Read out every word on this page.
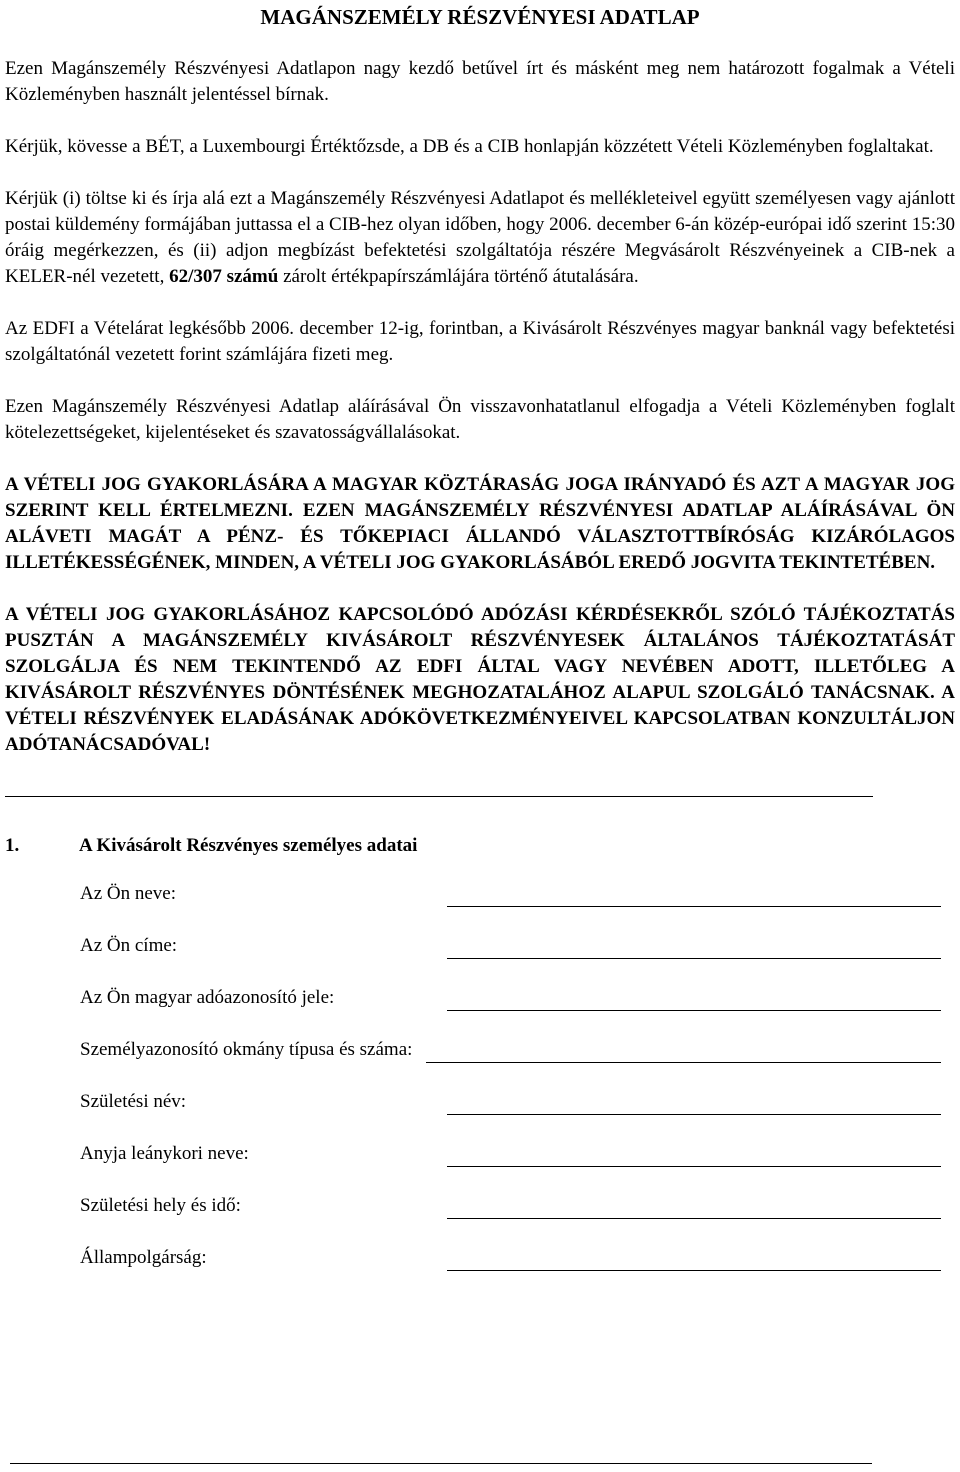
MAGÁNSZEMÉLY RÉSZVÉNYESI ADATLAP

Ezen Magánszemély Részvényesi Adatlapon nagy kezdő betűvel írt és másként meg nem határozott fogalmak a Vételi Közleményben használt jelentéssel bírnak.

Kérjük, kövesse a BÉT, a Luxembourgi Értéktőzsde, a DB és a CIB honlapján közzétett Vételi Közleményben foglaltakat.

Kérjük (i) töltse ki és írja alá ezt a Magánszemély Részvényesi Adatlapot és mellékleteivel együtt személyesen vagy ajánlott postai küldemény formájában juttassa el a CIB-hez olyan időben, hogy 2006. december 6-án közép-európai idő szerint 15:30 óráig megérkezzen, és (ii) adjon megbízást befektetési szolgáltatója részére Megvásárolt Részvényeinek a CIB-nek a KELER-nél vezetett, 62/307 számú zárolt értékpapírszámlájára történő átutalására.

Az EDFI a Vételárat legkésőbb 2006. december 12-ig, forintban, a Kivásárolt Részvényes magyar banknál vagy befektetési szolgáltatónál vezetett forint számlájára fizeti meg.

Ezen Magánszemély Részvényesi Adatlap aláírásával Ön visszavonhatatlanul elfogadja a Vételi Közleményben foglalt kötelezettségeket, kijelentéseket és szavatosságvállalásokat.

A VÉTELI JOG GYAKORLÁSÁRA A MAGYAR KÖZTÁRASÁG JOGA IRÁNYADÓ ÉS AZT A MAGYAR JOG SZERINT KELL ÉRTELMEZNI. EZEN MAGÁNSZEMÉLY RÉSZVÉNYESI ADATLAP ALÁÍRÁSÁVAL ÖN ALÁVETI MAGÁT A PÉNZ- ÉS TŐKEPIACI ÁLLANDÓ VÁLASZTOTTBÍRÓSÁG KIZÁRÓLAGOS ILLETÉKESSÉGÉNEK, MINDEN, A VÉTELI JOG GYAKORLÁSÁBÓL EREDŐ JOGVITA TEKINTETÉBEN.
A VÉTELI JOG GYAKORLÁSÁHOZ KAPCSOLÓDÓ ADÓZÁSI KÉRDÉSEKRŐL SZÓLÓ TÁJÉKOZTATÁS PUSZTÁN A MAGÁNSZEMÉLY KIVÁSÁROLT RÉSZVÉNYESEK ÁLTALÁNOS TÁJÉKOZTATÁSÁT SZOLGÁLJA ÉS NEM TEKINTENDŐ AZ EDFI ÁLTAL VAGY NEVÉBEN ADOTT, ILLETŐLEG A KIVÁSÁROLT RÉSZVÉNYES DÖNTÉSÉNEK MEGHOZATALÁHOZ ALAPUL SZOLGÁLÓ TANÁCSNAK. A VÉTELI RÉSZVÉNYEK ELADÁSÁNAK ADÓKÖVETKEZMÉNYEIVEL KAPCSOLATBAN KONZULTÁLJON ADÓTANÁCSADÓVAL!
1.	A Kivásárolt Részvényes személyes adatai
Az Ön neve:
Az Ön címe:
Az Ön magyar adóazonosító jele:
Személyazonosító okmány típusa és száma:
Születési név:
Anyja leánykori neve:
Születési hely és idő:
Állampolgárság:
